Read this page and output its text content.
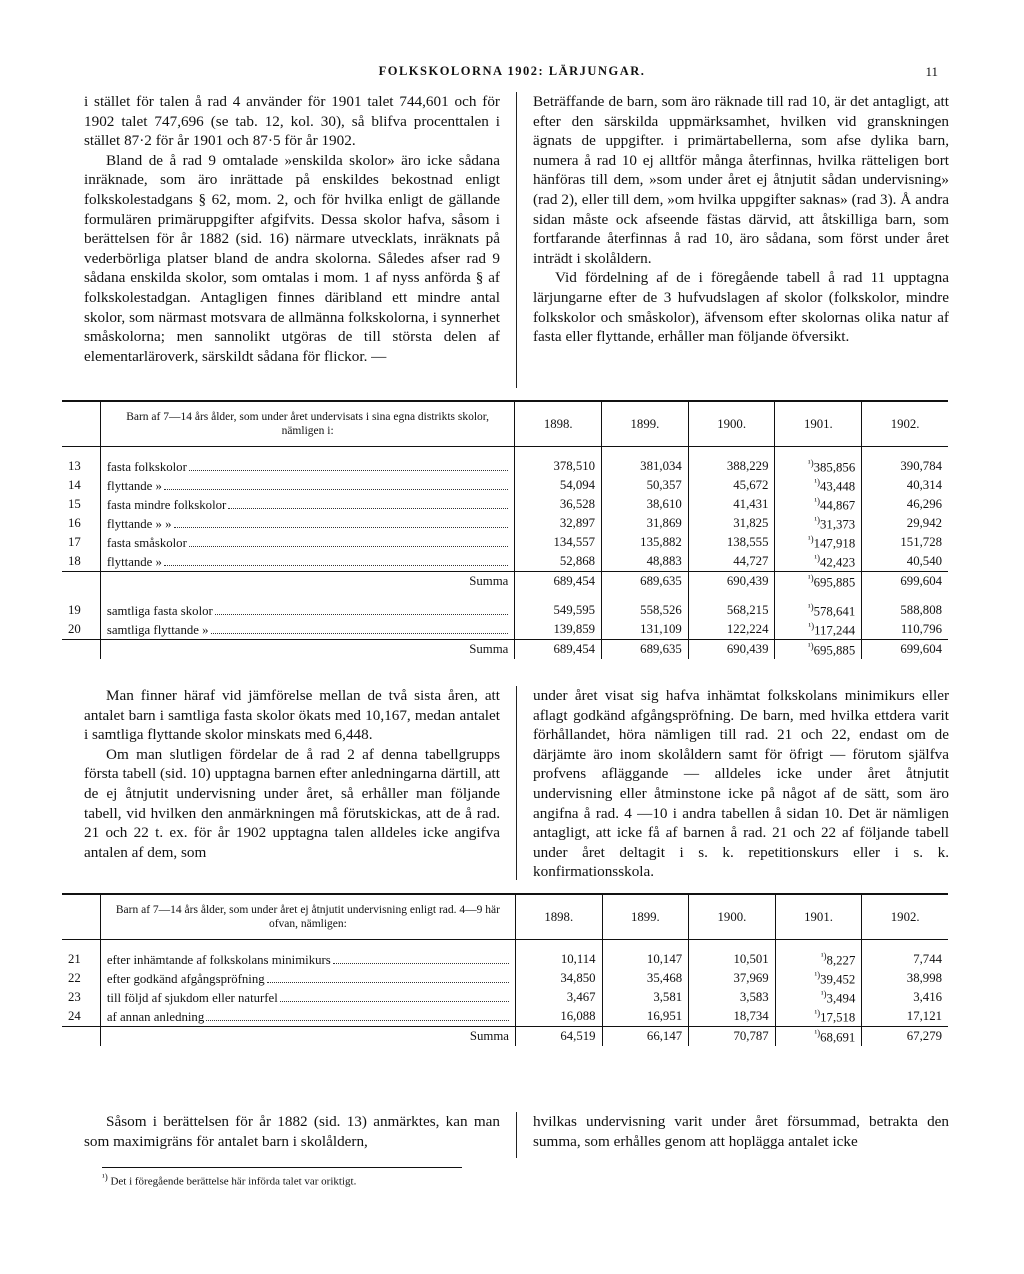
FOLKSKOLORNA 1902: LÄRJUNGAR.	11

i stället för talen å rad 4 använder för 1901 talet 744,601 och för 1902 talet 747,696 (se tab. 12, kol. 30), så blifva procenttalen i stället 87·2 för år 1901 och 87·5 för år 1902.

Bland de å rad 9 omtalade »enskilda skolor» äro icke sådana inräknade, som äro inrättade på enskildes bekostnad enligt folkskolestadgans § 62, mom. 2, och för hvilka enligt de gällande formulären primäruppgifter afgifvits. Dessa skolor hafva, såsom i berättelsen för år 1882 (sid. 16) närmare utvecklats, inräknats på vederbörliga platser bland de andra skolorna. Således afser rad 9 sådana enskilda skolor, som omtalas i mom. 1 af nyss anförda § af folkskolestadgan. Antagligen finnes däribland ett mindre antal skolor, som närmast motsvara de allmänna folkskolorna, i synnerhet småskolorna; men sannolikt utgöras de till största delen af elementarläroverk, särskildt sådana för flickor. —

Beträffande de barn, som äro räknade till rad 10, är det antagligt, att efter den särskilda uppmärksamhet, hvilken vid granskningen ägnats de uppgifter. i primärtabellerna, som afse dylika barn, numera å rad 10 ej alltför många återfinnas, hvilka rätteligen bort hänföras till dem, »som under året ej åtnjutit sådan undervisning» (rad 2), eller till dem, »om hvilka uppgifter saknas» (rad 3). Å andra sidan måste ock afseende fästas därvid, att åtskilliga barn, som fortfarande återfinnas å rad 10, äro sådana, som först under året inträdt i skolåldern.

Vid fördelning af de i föregående tabell å rad 11 upptagna lärjungarne efter de 3 hufvudslagen af skolor (folkskolor, mindre folkskolor och småskolor), äfvensom efter skolornas olika natur af fasta eller flyttande, erhåller man följande öfversikt.

	Barn af 7—14 års ålder, som under året undervisats i sina egna distrikts skolor, nämligen i:	1898.	1899.	1900.	1901.	1902.

13	fasta folkskolor	378,510	381,034	388,229	$^{^1)}$385,856	390,784
14	flyttande »	54,094	50,357	45,672	$^{^1)}$43,448	40,314
15	fasta mindre folkskolor	36,528	38,610	41,431	$^{^1)}$44,867	46,296
16	flyttande » »	32,897	31,869	31,825	$^{^1)}$31,373	29,942
17	fasta småskolor	134,557	135,882	138,555	$^{^1)}$147,918	151,728
18	flyttande »	52,868	48,883	44,727	$^{^1)}$42,423	40,540
	Summa	689,454	689,635	690,439	$^{^1)}$695,885	699,604

19	samtliga fasta skolor	549,595	558,526	568,215	$^{^1)}$578,641	588,808
20	samtliga flyttande »	139,859	131,109	122,224	$^{^1)}$117,244	110,796
	Summa	689,454	689,635	690,439	$^{^1)}$695,885	699,604

Man finner häraf vid jämförelse mellan de två sista åren, att antalet barn i samtliga fasta skolor ökats med 10,167, medan antalet i samtliga flyttande skolor minskats med 6,448.

Om man slutligen fördelar de å rad 2 af denna tabellgrupps första tabell (sid. 10) upptagna barnen efter anledningarna därtill, att de ej åtnjutit undervisning under året, så erhåller man följande tabell, vid hvilken den anmärkningen må förutskickas, att de å rad. 21 och 22 t. ex. för år 1902 upptagna talen alldeles icke angifva antalen af dem, som

under året visat sig hafva inhämtat folkskolans minimikurs eller aflagt godkänd afgångspröfning. De barn, med hvilka ettdera varit förhållandet, höra nämligen till rad. 21 och 22, endast om de därjämte äro inom skolåldern samt för öfrigt — förutom själfva profvens afläggande — alldeles icke under året åtnjutit undervisning eller åtminstone icke på något af de sätt, som äro angifna å rad. 4 —10 i andra tabellen å sidan 10. Det är nämligen antagligt, att icke få af barnen å rad. 21 och 22 af följande tabell under året deltagit i s. k. repetitionskurs eller i s. k. konfirmationsskola.

	Barn af 7—14 års ålder, som under året ej åtnjutit undervisning enligt rad. 4—9 här ofvan, nämligen:	1898.	1899.	1900.	1901.	1902.

21	efter inhämtande af folkskolans minimikurs	10,114	10,147	10,501	$^{^1)}$8,227	7,744
22	efter godkänd afgångspröfning	34,850	35,468	37,969	$^{^1)}$39,452	38,998
23	till följd af sjukdom eller naturfel	3,467	3,581	3,583	$^{^1)}$3,494	3,416
24	af annan anledning	16,088	16,951	18,734	$^{^1)}$17,518	17,121
	Summa	64,519	66,147	70,787	$^{^1)}$68,691	67,279

Såsom i berättelsen för år 1882 (sid. 13) anmärktes, kan man som maximigräns för antalet barn i skolåldern,

hvilkas undervisning varit under året försummad, betrakta den summa, som erhålles genom att hoplägga antalet icke

$^{^1)}$ Det i föregående berättelse här införda talet var oriktigt.
